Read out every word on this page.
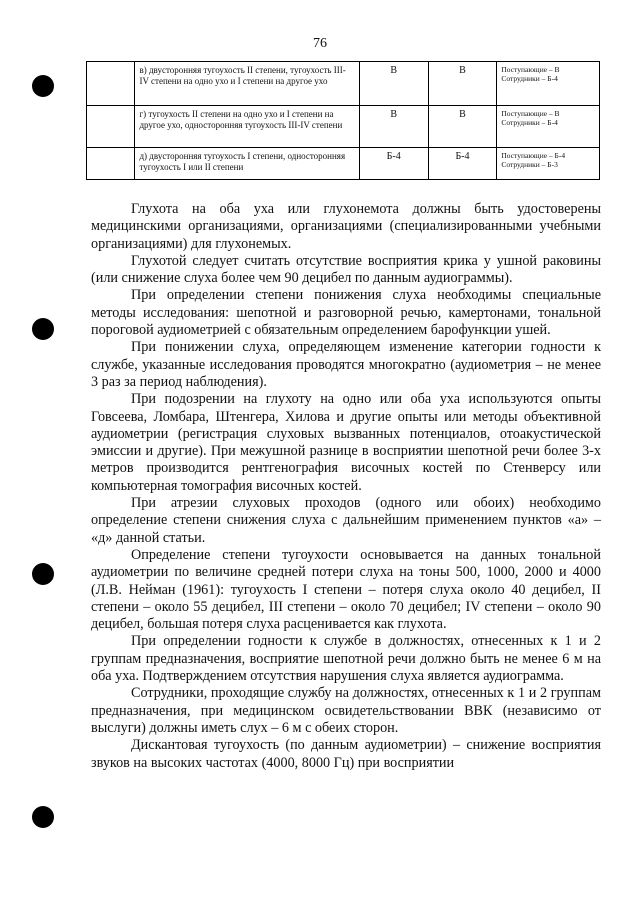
76
	в) двусторонняя тугоухость II степени, тугоухость III-IV степени на одно ухо и I степени на другое ухо	В	В	Поступающие – В
Сотрудники – Б-4

	г) тугоухость II степени на одно ухо и I степени на другое ухо, односторонняя тугоухость III-IV степени	В	В	Поступающие – В
Сотрудники – Б-4

	д) двусторонняя тугоухость I степени, односторонняя тугоухость I или II степени	Б-4	Б-4	Поступающие – Б-4
Сотрудники – Б-3

Глухота на оба уха или глухонемота должны быть удостоверены медицинскими организациями, организациями (специализированными учебными организациями) для глухонемых.

Глухотой следует считать отсутствие восприятия крика у ушной раковины (или снижение слуха более чем 90 децибел по данным аудиограммы).

При определении степени понижения слуха необходимы специальные методы исследования: шепотной и разговорной речью, камертонами, тональной пороговой аудиометрией с обязательным определением барофункции ушей.

При понижении слуха, определяющем изменение категории годности к службе, указанные исследования проводятся многократно (аудиометрия – не менее 3 раз за период наблюдения).

При подозрении на глухоту на одно или оба уха используются опыты Говсеева, Ломбара, Штенгера, Хилова и другие опыты или методы объективной аудиометрии (регистрация слуховых вызванных потенциалов, отоакустической эмиссии и другие). При межушной разнице в восприятии шепотной речи более 3-х метров производится рентгенография височных костей по Стенверсу или компьютерная томография височных костей.

При атрезии слуховых проходов (одного или обоих) необходимо определение степени снижения слуха с дальнейшим применением пунктов «а» – «д» данной статьи.

Определение степени тугоухости основывается на данных тональной аудиометрии по величине средней потери слуха на тоны 500, 1000, 2000 и 4000 (Л.В. Нейман (1961): тугоухость I степени – потеря слуха около 40 децибел, II степени – около 55 децибел, III степени – около 70 децибел; IV степени – около 90 децибел, большая потеря слуха расценивается как глухота.

При определении годности к службе в должностях, отнесенных к 1 и 2 группам предназначения, восприятие шепотной речи должно быть не менее 6 м на оба уха. Подтверждением отсутствия нарушения слуха является аудиограмма.

Сотрудники, проходящие службу на должностях, отнесенных к 1 и 2 группам предназначения, при медицинском освидетельствовании ВВК (независимо от выслуги) должны иметь слух – 6 м с обеих сторон.

Дискантовая тугоухость (по данным аудиометрии) – снижение восприятия звуков на высоких частотах (4000, 8000 Гц) при восприятии
